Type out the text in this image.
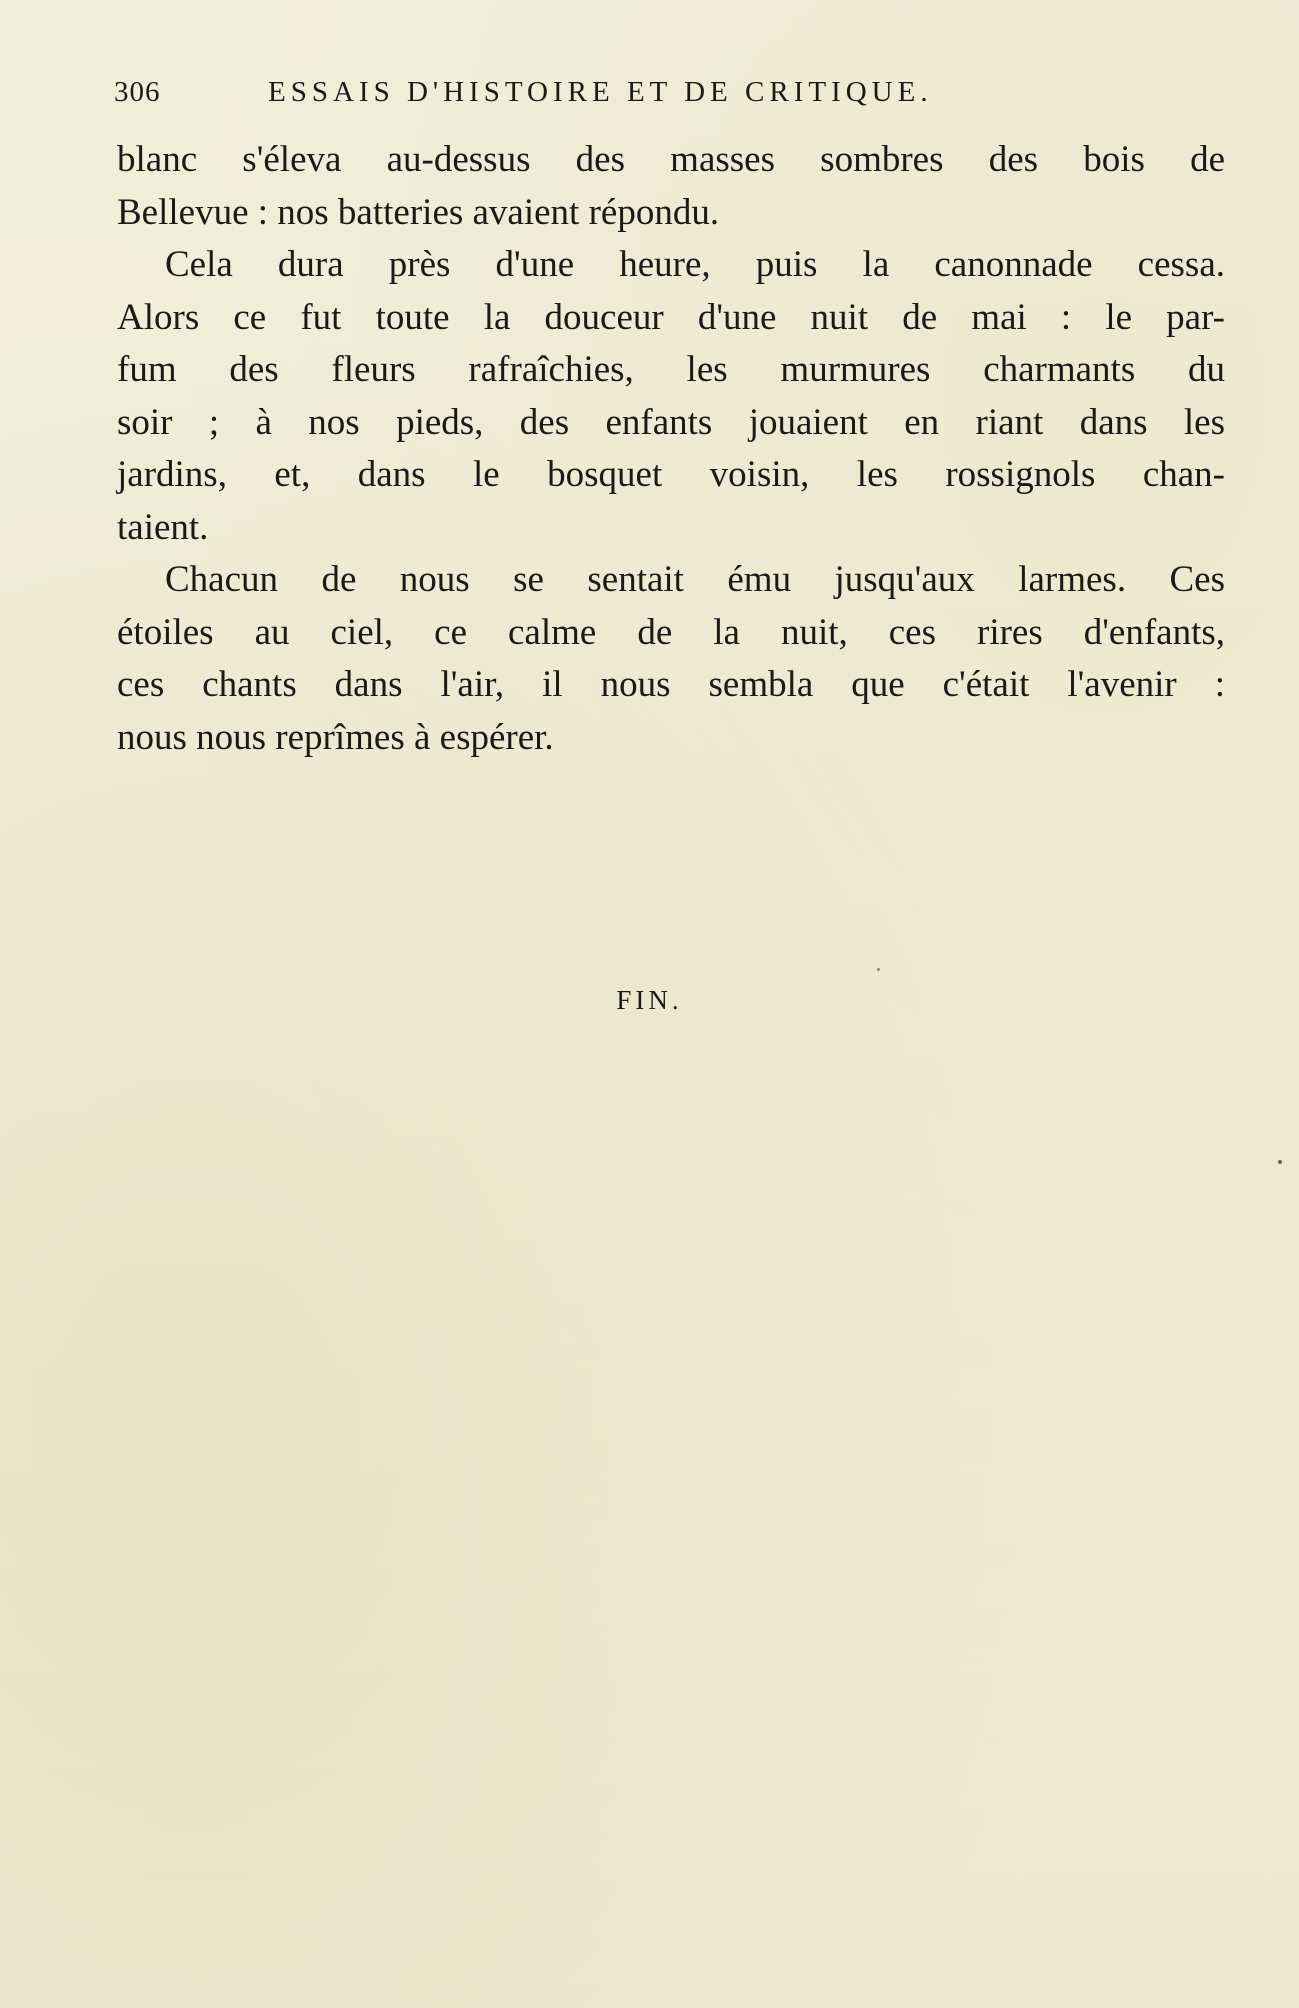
306	ESSAIS D'HISTOIRE ET DE CRITIQUE.

blanc s'éleva au-dessus des masses sombres des bois de
Bellevue : nos batteries avaient répondu.

Cela dura près d'une heure, puis la canonnade cessa.
Alors ce fut toute la douceur d'une nuit de mai : le par-
fum des fleurs rafraîchies, les murmures charmants du
soir ; à nos pieds, des enfants jouaient en riant dans les
jardins, et, dans le bosquet voisin, les rossignols chan-
taient.

Chacun de nous se sentait ému jusqu'aux larmes. Ces
étoiles au ciel, ce calme de la nuit, ces rires d'enfants,
ces chants dans l'air, il nous sembla que c'était l'avenir :
nous nous reprîmes à espérer.

FIN.
